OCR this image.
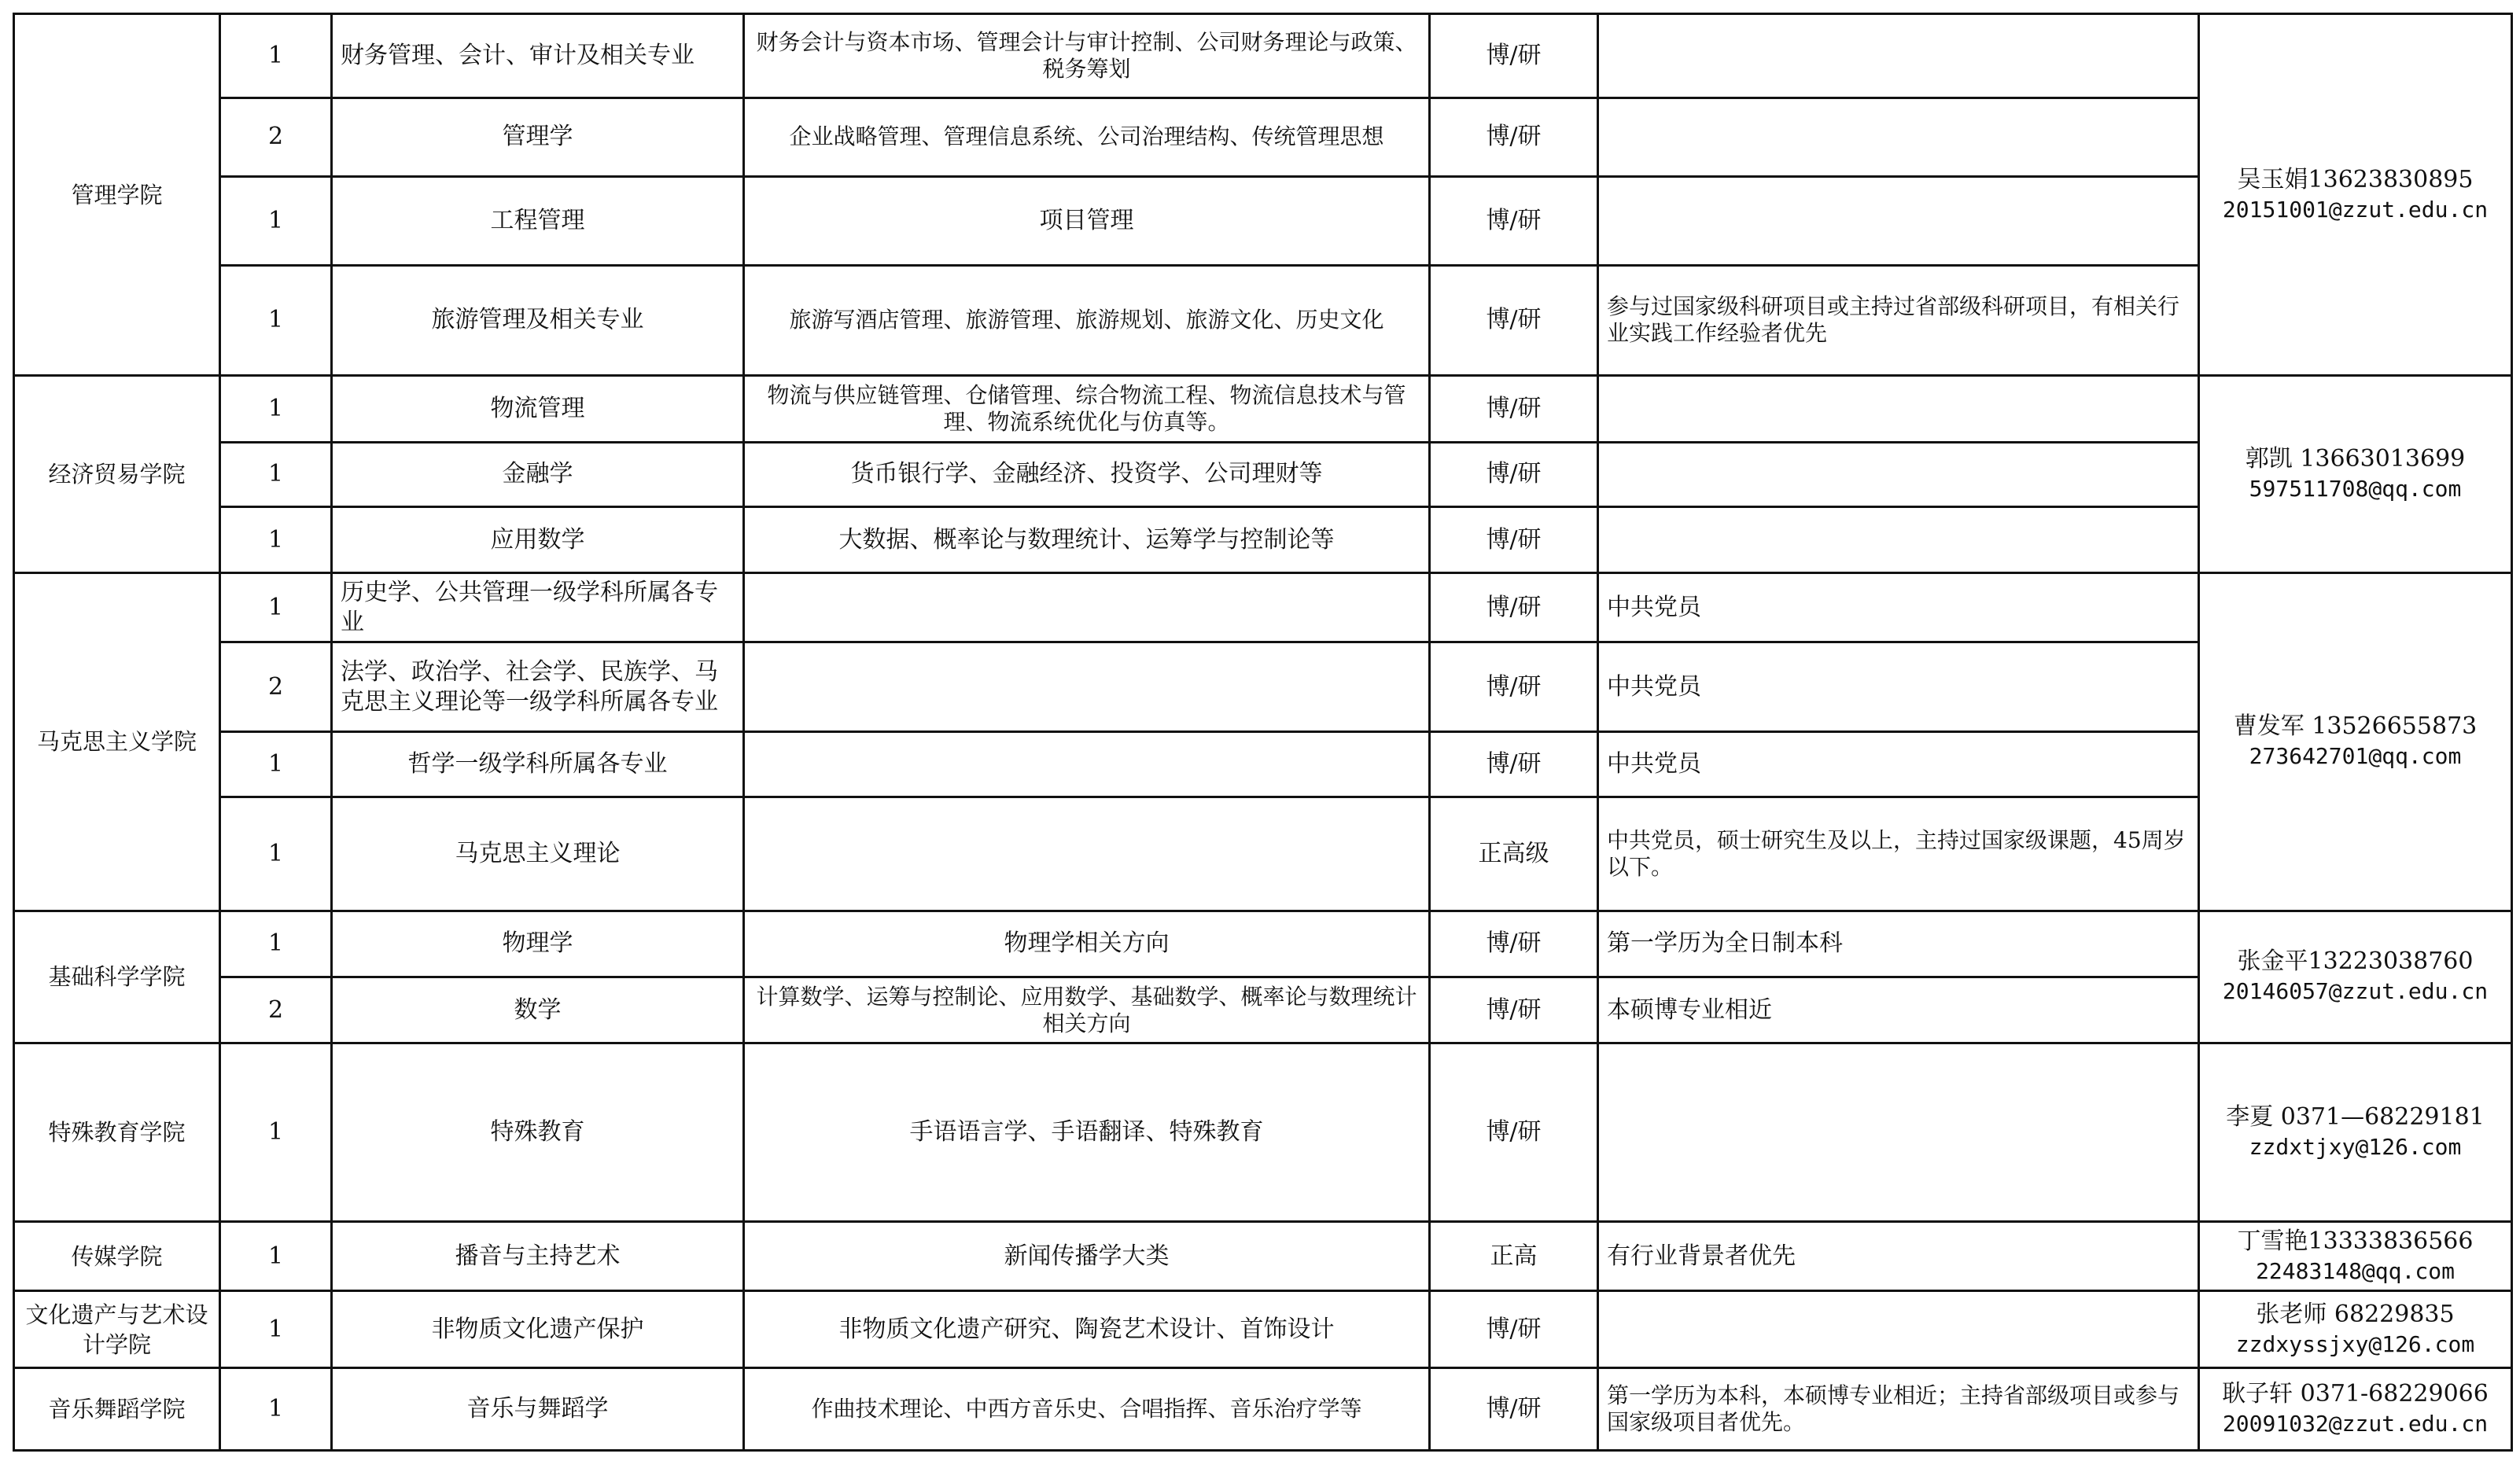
管理学院	1	财务管理、会计、审计及相关专业	财务会计与资本市场、管理会计与审计控制、公司财务理论与政策、税务筹划	博/研		吴玉娟13623830895
20151001@zzut.edu.cn

	2	管理学	企业战略管理、管理信息系统、公司治理结构、传统管理思想	博/研		
	1	工程管理	项目管理	博/研		
	1	旅游管理及相关专业	旅游写酒店管理、旅游管理、旅游规划、旅游文化、历史文化	博/研	参与过国家级科研项目或主持过省部级科研项目，有相关行业实践工作经验者优先	
经济贸易学院	1	物流管理	物流与供应链管理、仓储管理、综合物流工程、物流信息技术与管理、物流系统优化与仿真等。	博/研		郭凯 13663013699
597511708@qq.com

	1	金融学	货币银行学、金融经济、投资学、公司理财等	博/研		
	1	应用数学	大数据、概率论与数理统计、运筹学与控制论等	博/研		
马克思主义学院	1	历史学、公共管理一级学科所属各专业		博/研	中共党员	曹发军 13526655873
273642701@qq.com

	2	法学、政治学、社会学、民族学、马克思主义理论等一级学科所属各专业		博/研	中共党员	
	1	哲学一级学科所属各专业		博/研	中共党员	
	1	马克思主义理论		正高级	中共党员，硕士研究生及以上，主持过国家级课题，45周岁以下。	
基础科学学院	1	物理学	物理学相关方向	博/研	第一学历为全日制本科	张金平13223038760
20146057@zzut.edu.cn

	2	数学	计算数学、运筹与控制论、应用数学、基础数学、概率论与数理统计相关方向	博/研	本硕博专业相近	
特殊教育学院	1	特殊教育	手语语言学、手语翻译、特殊教育	博/研		李夏 0371—68229181
zzdxtjxy@126.com

传媒学院	1	播音与主持艺术	新闻传播学大类	正高	有行业背景者优先	丁雪艳13333836566
22483148@qq.com

文化遗产与艺术设计学院	1	非物质文化遗产保护	非物质文化遗产研究、陶瓷艺术设计、首饰设计	博/研		张老师 68229835
zzdxyssjxy@126.com

音乐舞蹈学院	1	音乐与舞蹈学	作曲技术理论、中西方音乐史、合唱指挥、音乐治疗学等	博/研	第一学历为本科，本硕博专业相近；主持省部级项目或参与国家级项目者优先。	耿子轩 0371-68229066
20091032@zzut.edu.cn
